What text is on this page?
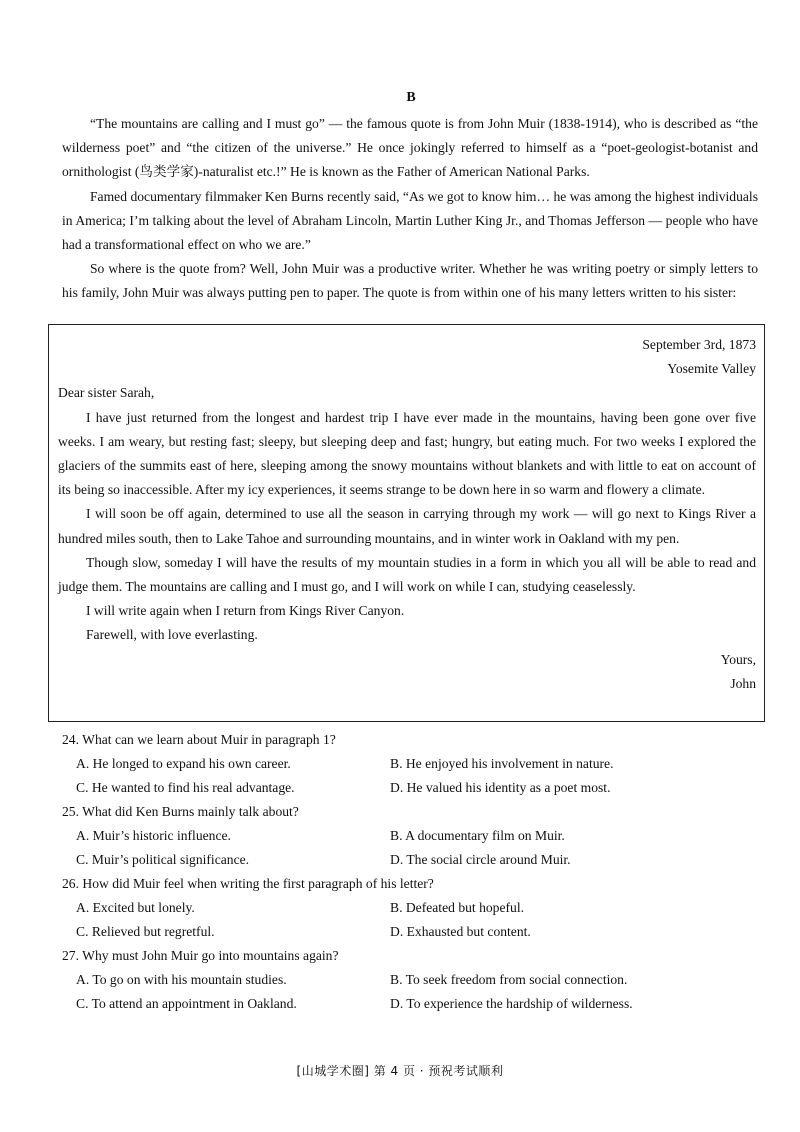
B

“The mountains are calling and I must go” — the famous quote is from John Muir (1838-1914), who is described as “the wilderness poet” and “the citizen of the universe.” He once jokingly referred to himself as a “poet-geologist-botanist and ornithologist (鸟类学家)-naturalist etc.!” He is known as the Father of American National Parks.

Famed documentary filmmaker Ken Burns recently said, “As we got to know him… he was among the highest individuals in America; I’m talking about the level of Abraham Lincoln, Martin Luther King Jr., and Thomas Jefferson — people who have had a transformational effect on who we are.”

So where is the quote from? Well, John Muir was a productive writer. Whether he was writing poetry or simply letters to his family, John Muir was always putting pen to paper. The quote is from within one of his many letters written to his sister:

September 3rd, 1873

Yosemite Valley

Dear sister Sarah,

I have just returned from the longest and hardest trip I have ever made in the mountains, having been gone over five weeks. I am weary, but resting fast; sleepy, but sleeping deep and fast; hungry, but eating much. For two weeks I explored the glaciers of the summits east of here, sleeping among the snowy mountains without blankets and with little to eat on account of its being so inaccessible. After my icy experiences, it seems strange to be down here in so warm and flowery a climate.

I will soon be off again, determined to use all the season in carrying through my work — will go next to Kings River a hundred miles south, then to Lake Tahoe and surrounding mountains, and in winter work in Oakland with my pen.

Though slow, someday I will have the results of my mountain studies in a form in which you all will be able to read and judge them. The mountains are calling and I must go, and I will work on while I can, studying ceaselessly.

I will write again when I return from Kings River Canyon.

Farewell, with love everlasting.

Yours,

John

24. What can we learn about Muir in paragraph 1?

A. He longed to expand his own career.	B. He enjoyed his involvement in nature.
C. He wanted to find his real advantage.	D. He valued his identity as a poet most.

25. What did Ken Burns mainly talk about?

A. Muir’s historic influence.	B. A documentary film on Muir.
C. Muir’s political significance.	D. The social circle around Muir.

26. How did Muir feel when writing the first paragraph of his letter?

A. Excited but lonely.	B. Defeated but hopeful.
C. Relieved but regretful.	D. Exhausted but content.

27. Why must John Muir go into mountains again?

A. To go on with his mountain studies.	B. To seek freedom from social connection.
C. To attend an appointment in Oakland.	D. To experience the hardship of wilderness.
[山城学术圈] 第 4 页 · 预祝考试顺利
